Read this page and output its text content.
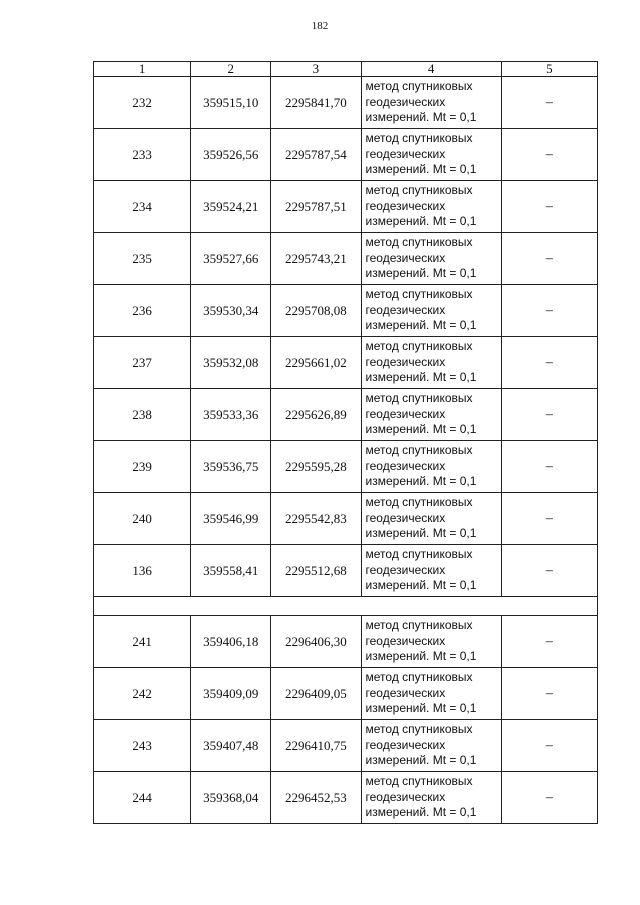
182
1	2	3	4	5
232	359515,10	2295841,70	метод спутниковых
геодезических
измерений. Mt = 0,1	–
233	359526,56	2295787,54	метод спутниковых
геодезических
измерений. Mt = 0,1	–
234	359524,21	2295787,51	метод спутниковых
геодезических
измерений. Mt = 0,1	–
235	359527,66	2295743,21	метод спутниковых
геодезических
измерений. Mt = 0,1	–
236	359530,34	2295708,08	метод спутниковых
геодезических
измерений. Mt = 0,1	–
237	359532,08	2295661,02	метод спутниковых
геодезических
измерений. Mt = 0,1	–
238	359533,36	2295626,89	метод спутниковых
геодезических
измерений. Mt = 0,1	–
239	359536,75	2295595,28	метод спутниковых
геодезических
измерений. Mt = 0,1	–
240	359546,99	2295542,83	метод спутниковых
геодезических
измерений. Mt = 0,1	–
136	359558,41	2295512,68	метод спутниковых
геодезических
измерений. Mt = 0,1	–

241	359406,18	2296406,30	метод спутниковых
геодезических
измерений. Mt = 0,1	–
242	359409,09	2296409,05	метод спутниковых
геодезических
измерений. Mt = 0,1	–
243	359407,48	2296410,75	метод спутниковых
геодезических
измерений. Mt = 0,1	–
244	359368,04	2296452,53	метод спутниковых
геодезических
измерений. Mt = 0,1	–
